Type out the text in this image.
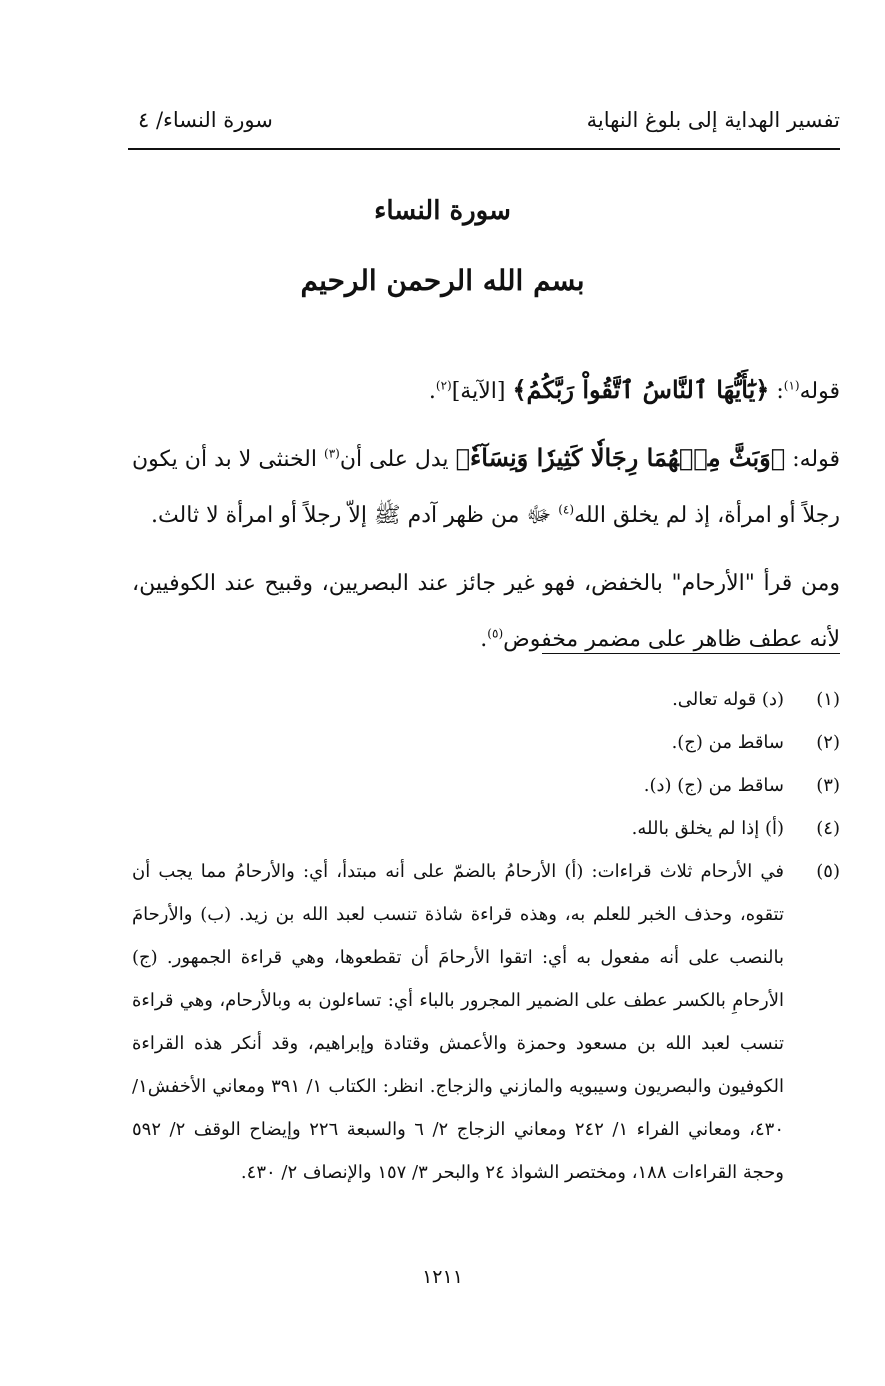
تفسير الهداية إلى بلوغ النهاية
سورة النساء/ ٤
سورة النساء
بسم الله الرحمن الرحيم

قوله$^{(١)}$: ﴿يَٰٓأَيُّهَا ٱلنَّاسُ ٱتَّقُواْ رَبَّكُمُ﴾ [الآية]$^{(٢)}$.

قوله: ﴿وَبَثَّ مِنۡهُمَا رِجَالٗا كَثِيرٗا وَنِسَآءٗ﴾ يدل على أن$^{(٣)}$ الخنثى لا بد أن يكون رجلاً أو امرأة، إذ لم يخلق الله$^{(٤)}$ ﷻ من ظهر آدم ﷺ إلاّ رجلاً أو امرأة لا ثالث.

ومن قرأ "الأرحام" بالخفض، فهو غير جائز عند البصريين، وقبيح عند الكوفيين، لأنه عطف ظاهر على مضمر مخفوض$^{(٥)}$.

(١)
(د) قوله تعالى.
(٢)
ساقط من (ج).
(٣)
ساقط من (ج) (د).
(٤)
(أ) إذا لم يخلق بالله.
(٥)
في الأرحام ثلاث قراءات: (أ) الأرحامُ بالضمّ على أنه مبتدأ، أي: والأرحامُ مما يجب أن تتقوه، وحذف الخبر للعلم به، وهذه قراءة شاذة تنسب لعبد الله بن زيد. (ب) والأرحامَ بالنصب على أنه مفعول به أي: اتقوا الأرحامَ أن تقطعوها، وهي قراءة الجمهور. (ج) الأرحامِ بالكسر عطف على الضمير المجرور بالباء أي: تساءلون به وبالأرحام، وهي قراءة تنسب لعبد الله بن مسعود وحمزة والأعمش وقتادة وإبراهيم، وقد أنكر هذه القراءة الكوفيون والبصريون وسيبويه والمازني والزجاج. انظر: الكتاب ١/ ٣٩١ ومعاني الأخفش١/ ٤٣٠، ومعاني الفراء ١/ ٢٤٢ ومعاني الزجاج ٢/ ٦ والسبعة ٢٢٦ وإيضاح الوقف ٢/ ٥٩٢ وحجة القراءات ١٨٨، ومختصر الشواذ ٢٤ والبحر ٣/ ١٥٧ والإنصاف ٢/ ٤٣٠.
١٢١١
